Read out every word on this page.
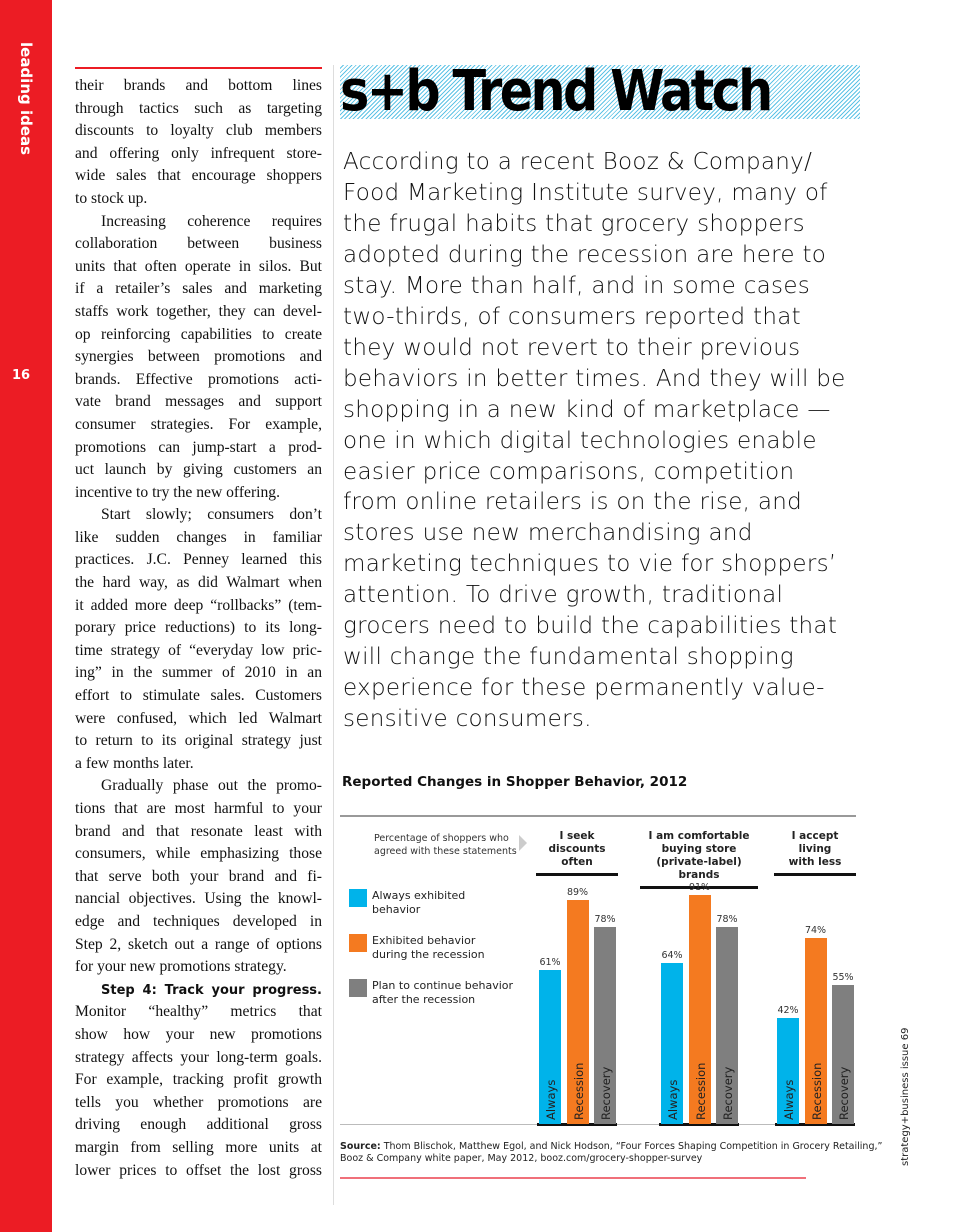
leading ideas
16
their brands and bottom lines
through tactics such as targeting
discounts to loyalty club members
and offering only infrequent store-
wide sales that encourage shoppers
to stock up.
Increasing coherence requires
collaboration between business
units that often operate in silos. But
if a retailer’s sales and marketing
staffs work together, they can devel-
op reinforcing capabilities to create
synergies between promotions and
brands. Effective promotions acti-
vate brand messages and support
consumer strategies. For example,
promotions can jump-start a prod-
uct launch by giving customers an
incentive to try the new offering.
Start slowly; consumers don’t
like sudden changes in familiar
practices. J.C. Penney learned this
the hard way, as did Walmart when
it added more deep “rollbacks” (tem-
porary price reductions) to its long-
time strategy of “everyday low pric-
ing” in the summer of 2010 in an
effort to stimulate sales. Customers
were confused, which led Walmart
to return to its original strategy just
a few months later.
Gradually phase out the promo-
tions that are most harmful to your
brand and that resonate least with
consumers, while emphasizing those
that serve both your brand and fi-
nancial objectives. Using the knowl-
edge and techniques developed in
Step 2, sketch out a range of options
for your new promotions strategy.
Step 4: Track your progress.
Monitor “healthy” metrics that
show how your new promotions
strategy affects your long-term goals.
For example, tracking profit growth
tells you whether promotions are
driving enough additional gross
margin from selling more units at
lower prices to offset the lost gross
s+b Trend Watch
According to a recent Booz & Company/
Food Marketing Institute survey, many of
the frugal habits that grocery shoppers
adopted during the recession are here to
stay. More than half, and in some cases
two-thirds, of consumers reported that
they would not revert to their previous
behaviors in better times. And they will be
shopping in a new kind of marketplace —
one in which digital technologies enable
easier price comparisons, competition
from online retailers is on the rise, and
stores use new merchandising and
marketing techniques to vie for shoppers’
attention. To drive growth, traditional
grocers need to build the capabilities that
will change the fundamental shopping
experience for these permanently value-
sensitive consumers.
Reported Changes in Shopper Behavior, 2012
Percentage of shoppers who
agreed with these statements
Source: Thom Blischok, Matthew Egol, and Nick Hodson, “Four Forces Shaping Competition in Grocery Retailing,”
Booz & Company white paper, May 2012, booz.com/grocery-shopper-survey	strategy+business issue 69
I seek
discounts
often
I am comfortable
buying store
(private-label) brands
I accept
living
with less
Always exhibited
behavior
Always
61%
Always
64%
Always
42%
Exhibited behavior
during the recession
Recession
89%
Recession
91%
Recession
74%
Plan to continue behavior
after the recession
Recovery
78%
Recovery
78%
Recovery
55%
